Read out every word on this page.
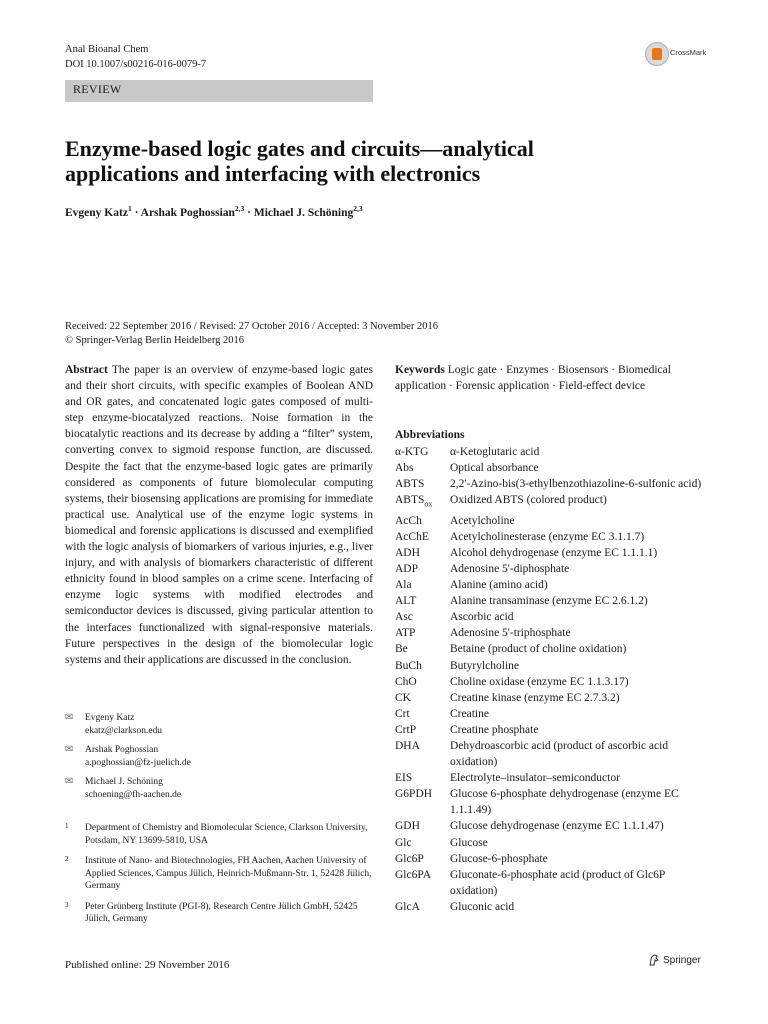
Anal Bioanal Chem
DOI 10.1007/s00216-016-0079-7
CrossMark
REVIEW
Enzyme-based logic gates and circuits—analytical applications and interfacing with electronics
Evgeny Katz$^1$ · Arshak Poghossian$^{2,3}$ · Michael J. Schöning$^{2,3}$
Received: 22 September 2016 / Revised: 27 October 2016 / Accepted: 3 November 2016
© Springer-Verlag Berlin Heidelberg 2016
Abstract The paper is an overview of enzyme-based logic gates and their short circuits, with specific examples of Boolean AND and OR gates, and concatenated logic gates composed of multi-step enzyme-biocatalyzed reactions. Noise formation in the biocatalytic reactions and its decrease by adding a “filter” system, converting convex to sigmoid response function, are discussed. Despite the fact that the enzyme-based logic gates are primarily considered as components of future biomolecular computing systems, their biosensing applications are promising for immediate practical use. Analytical use of the enzyme logic systems in biomedical and forensic applications is discussed and exemplified with the logic analysis of biomarkers of various injuries, e.g., liver injury, and with analysis of biomarkers characteristic of different ethnicity found in blood samples on a crime scene. Interfacing of enzyme logic systems with modified electrodes and semiconductor devices is discussed, giving particular attention to the interfaces functionalized with signal-responsive materials. Future perspectives in the design of the biomolecular logic systems and their applications are discussed in the conclusion.
✉	Evgeny Katz
ekatz@clarkson.edu
✉	Arshak Poghossian
a.poghossian@fz-juelich.de
✉	Michael J. Schöning
schoening@fh-aachen.de
1	Department of Chemistry and Biomolecular Science, Clarkson University, Potsdam, NY 13699-5810, USA
2	Institute of Nano- and Biotechnologies, FH Aachen, Aachen University of Applied Sciences, Campus Jülich, Heinrich-Mußmann-Str. 1, 52428 Jülich, Germany
3	Peter Grünberg Institute (PGI-8), Research Centre Jülich GmbH, 52425 Jülich, Germany
Keywords Logic gate · Enzymes · Biosensors · Biomedical application · Forensic application · Field-effect device
Abbreviations
α-KTG	α-Ketoglutaric acid
Abs	Optical absorbance
ABTS	2,2'-Azino-bis(3-ethylbenzothiazoline-6-sulfonic acid)
$ABTS_{ox}$	Oxidized ABTS (colored product)
AcCh	Acetylcholine
AcChE	Acetylcholinesterase (enzyme EC 3.1.1.7)
ADH	Alcohol dehydrogenase (enzyme EC 1.1.1.1)
ADP	Adenosine 5'-diphosphate
Ala	Alanine (amino acid)
ALT	Alanine transaminase (enzyme EC 2.6.1.2)
Asc	Ascorbic acid
ATP	Adenosine 5'-triphosphate
Be	Betaine (product of choline oxidation)
BuCh	Butyrylcholine
ChO	Choline oxidase (enzyme EC 1.1.3.17)
CK	Creatine kinase (enzyme EC 2.7.3.2)
Crt	Creatine
CrtP	Creatine phosphate
DHA	Dehydroascorbic acid (product of ascorbic acid oxidation)
EIS	Electrolyte–insulator–semiconductor
G6PDH	Glucose 6-phosphate dehydrogenase (enzyme EC 1.1.1.49)
GDH	Glucose dehydrogenase (enzyme EC 1.1.1.47)
Glc	Glucose
Glc6P	Glucose-6-phosphate
Glc6PA	Gluconate-6-phosphate acid (product of Glc6P oxidation)
GlcA	Gluconic acid
Published online: 29 November 2016	Springer
